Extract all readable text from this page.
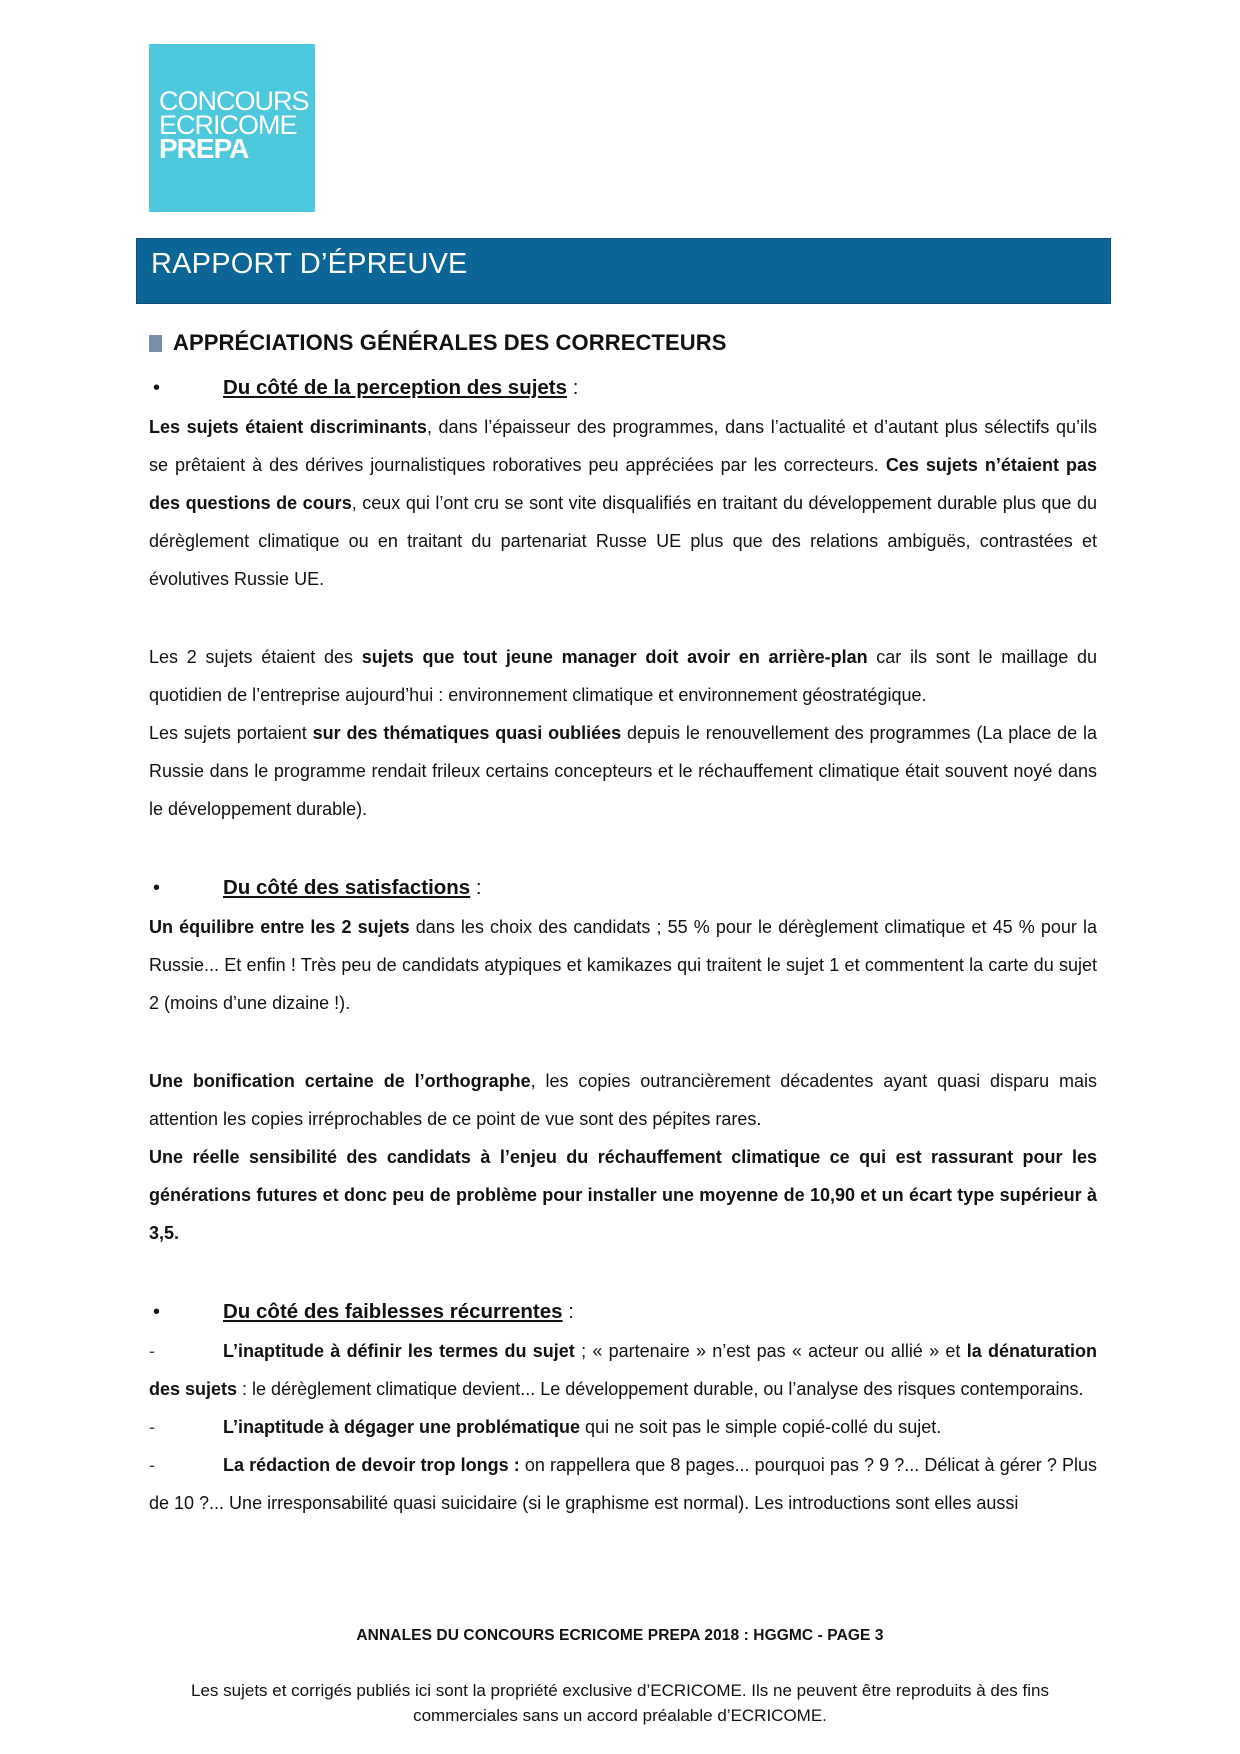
CONCOURS
ECRICOME
PREPA
RAPPORT D’ÉPREUVE
APPRÉCIATIONS GÉNÉRALES DES CORRECTEURS
•	Du côté de la perception des sujets :

Les sujets étaient discriminants, dans l’épaisseur des programmes, dans l’actualité et d’autant plus sélectifs qu’ils se prêtaient à des dérives journalistiques roboratives peu appréciées par les correcteurs. Ces sujets n’étaient pas des questions de cours, ceux qui l’ont cru se sont vite disqualifiés en traitant du développement durable plus que du dérèglement climatique ou en traitant du partenariat Russe UE plus que des relations ambiguës, contrastées et évolutives Russie UE.

Les 2 sujets étaient des sujets que tout jeune manager doit avoir en arrière-plan car ils sont le maillage du quotidien de l’entreprise aujourd’hui : environnement climatique et environnement géostratégique.

Les sujets portaient sur des thématiques quasi oubliées depuis le renouvellement des programmes (La place de la Russie dans le programme rendait frileux certains concepteurs et le réchauffement climatique était souvent noyé dans le développement durable).

•	Du côté des satisfactions :

Un équilibre entre les 2 sujets dans les choix des candidats ; 55 % pour le dérèglement climatique et 45 % pour la Russie... Et enfin ! Très peu de candidats atypiques et kamikazes qui traitent le sujet 1 et commentent la carte du sujet 2 (moins d’une dizaine !).

Une bonification certaine de l’orthographe, les copies outrancièrement décadentes ayant quasi disparu mais attention les copies irréprochables de ce point de vue sont des pépites rares.

Une réelle sensibilité des candidats à l’enjeu du réchauffement climatique ce qui est rassurant pour les générations futures et donc peu de problème pour installer une moyenne de 10,90 et un écart type supérieur à 3,5.

•	Du côté des faiblesses récurrentes :
-	L’inaptitude à définir les termes du sujet ; « partenaire » n’est pas « acteur ou allié » et la dénaturation des sujets : le dérèglement climatique devient... Le développement durable, ou l’analyse des risques contemporains.

-	L’inaptitude à dégager une problématique qui ne soit pas le simple copié-collé du sujet.

-	La rédaction de devoir trop longs : on rappellera que 8 pages... pourquoi pas ? 9 ?... Délicat à gérer ? Plus de 10 ?... Une irresponsabilité quasi suicidaire (si le graphisme est normal). Les introductions sont elles aussi

ANNALES DU CONCOURS ECRICOME PREPA 2018 : HGGMC - PAGE 3
Les sujets et corrigés publiés ici sont la propriété exclusive d’ECRICOME. Ils ne peuvent être reproduits à des fins commerciales sans un accord préalable d’ECRICOME.
